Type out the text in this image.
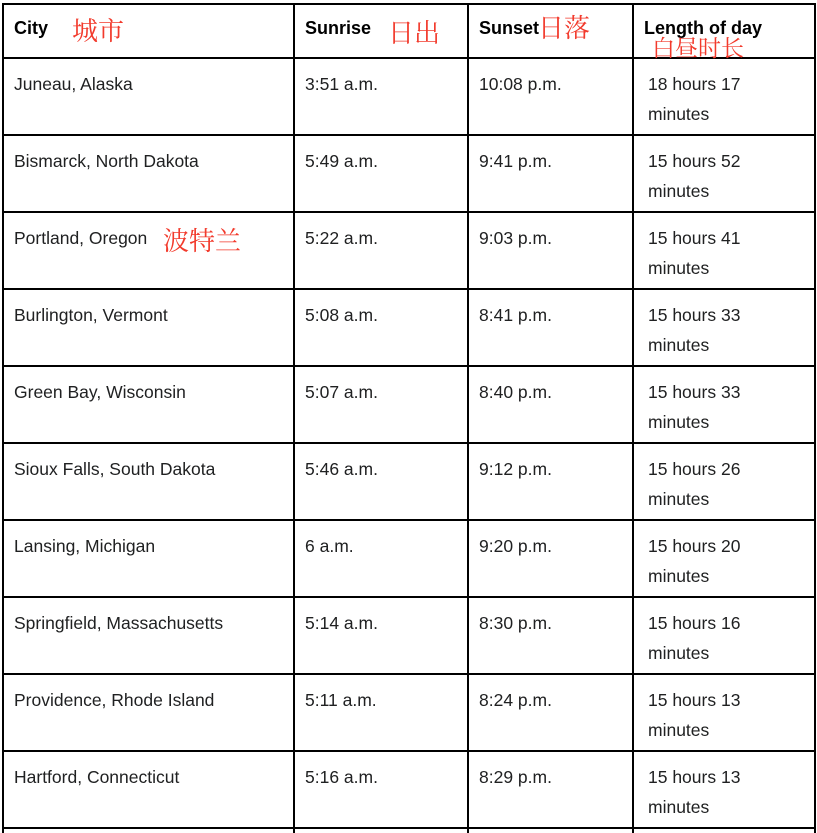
City	Sunrise	Sunset	Length of day
Juneau, Alaska	3:51 a.m.	10:08 p.m.	18 hours 17 minutes
Bismarck, North Dakota	5:49 a.m.	9:41 p.m.	15 hours 52 minutes
Portland, Oregon	5:22 a.m.	9:03 p.m.	15 hours 41 minutes
Burlington, Vermont	5:08 a.m.	8:41 p.m.	15 hours 33 minutes
Green Bay, Wisconsin	5:07 a.m.	8:40 p.m.	15 hours 33 minutes
Sioux Falls, South Dakota	5:46 a.m.	9:12 p.m.	15 hours 26 minutes
Lansing, Michigan	6 a.m.	9:20 p.m.	15 hours 20 minutes
Springfield, Massachusetts	5:14 a.m.	8:30 p.m.	15 hours 16 minutes
Providence, Rhode Island	5:11 a.m.	8:24 p.m.	15 hours 13 minutes
Hartford, Connecticut	5:16 a.m.	8:29 p.m.	15 hours 13 minutes

城市	日出	日落
白昼时长
波特兰
